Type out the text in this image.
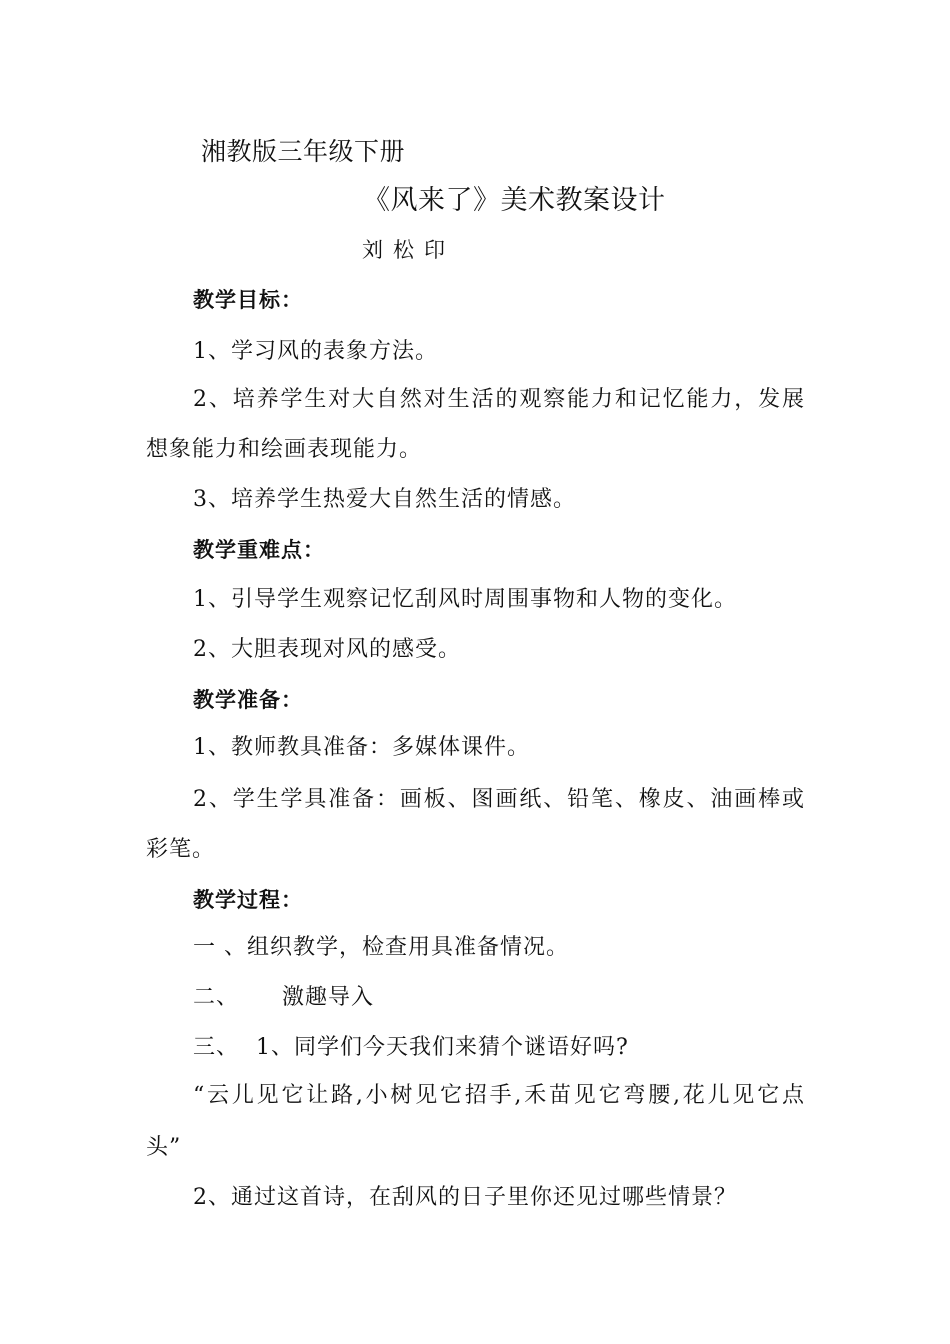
湘教版三年级下册
《风来了》美术教案设计
刘松印
教学目标：
1、学习风的表象方法。
2、培养学生对大自然对生活的观察能力和记忆能力，发展
想象能力和绘画表现能力。
3、培养学生热爱大自然生活的情感。
教学重难点：
1、引导学生观察记忆刮风时周围事物和人物的变化。
2、大胆表现对风的感受。
教学准备：
1、教师教具准备：多媒体课件。
2、学生学具准备：画板、图画纸、铅笔、橡皮、油画棒或
彩笔。
教学过程：
一 、组织教学，检查用具准备情况。
二、 激趣导入
三、 1、同学们今天我们来猜个谜语好吗?
“云儿见它让路,小树见它招手,禾苗见它弯腰,花儿见它点
头”
2、通过这首诗，在刮风的日子里你还见过哪些情景？
